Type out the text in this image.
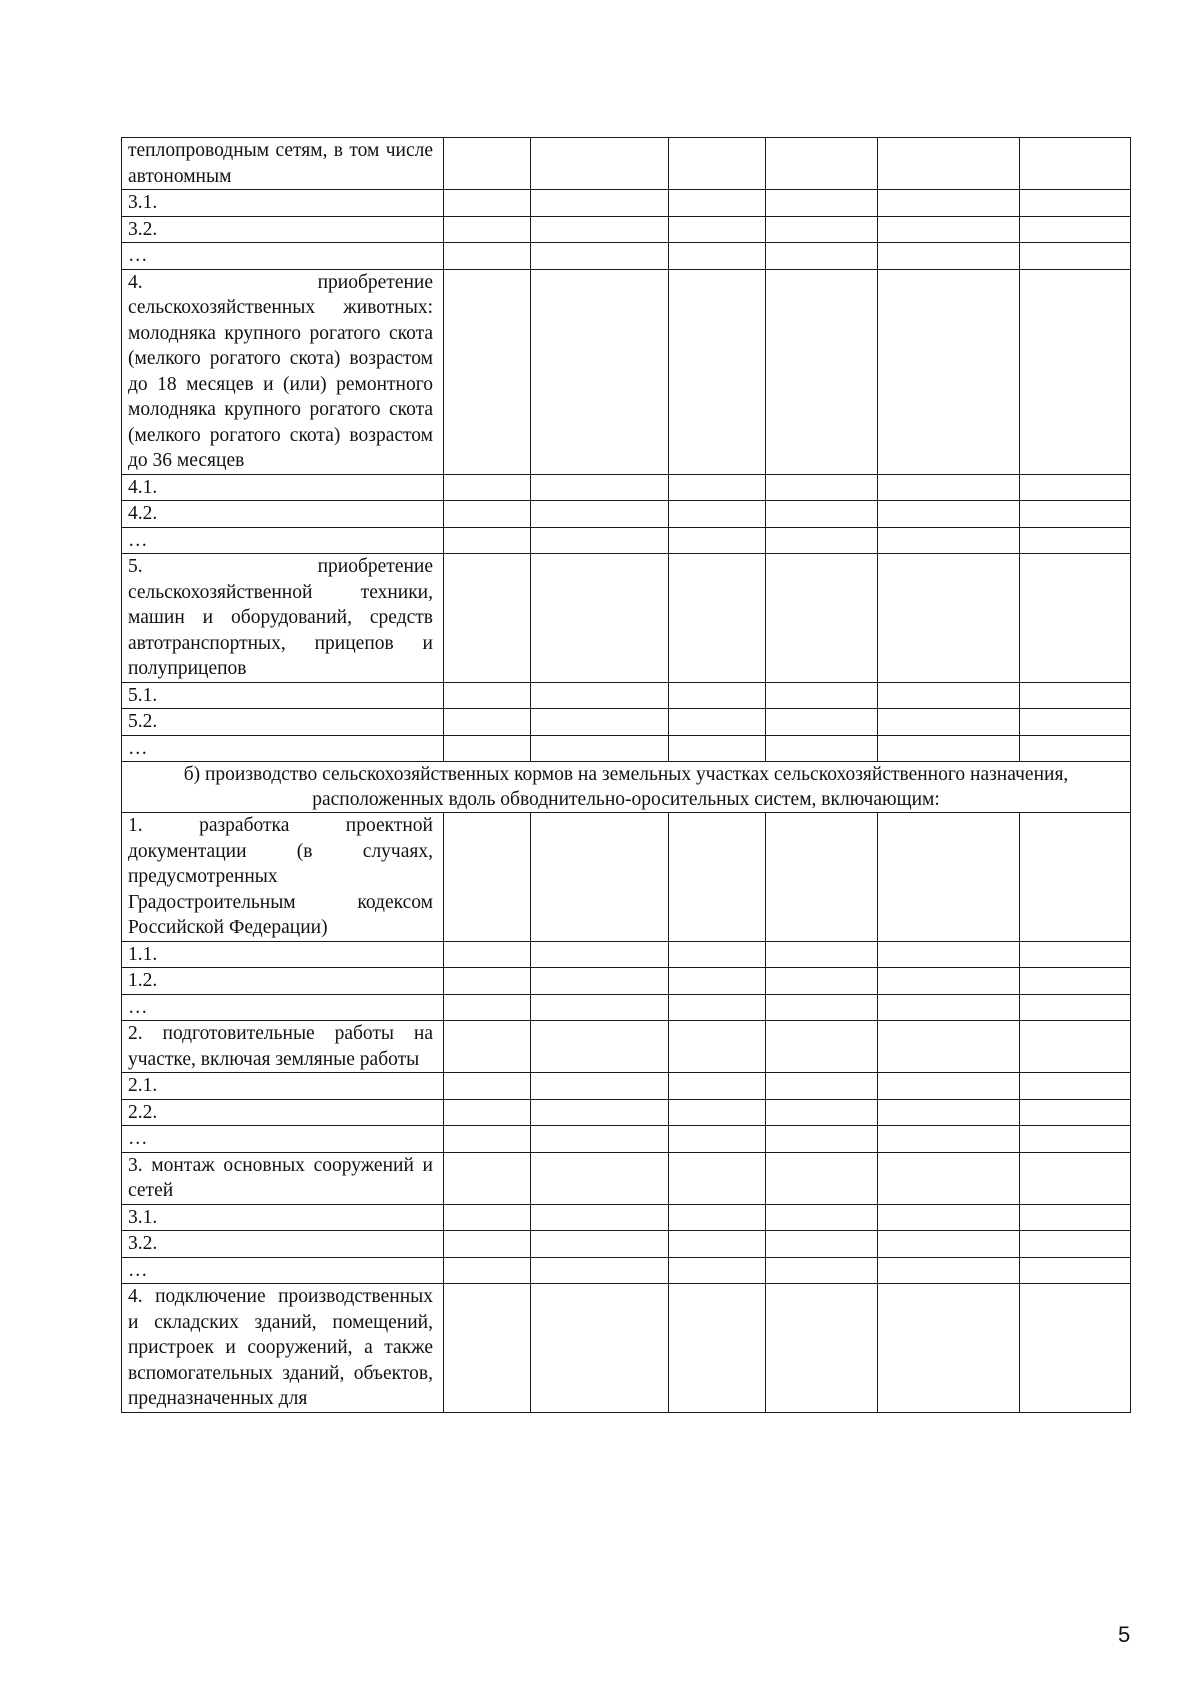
теплопроводным сетям, в том числе автономным						
3.1.						
3.2.						
…						
4. приобретение сельскохозяйственных животных: молодняка крупного рогатого скота (мелкого рогатого скота) возрастом до 18 месяцев и (или) ремонтного молодняка крупного рогатого скота (мелкого рогатого скота) возрастом до 36 месяцев						
4.1.						
4.2.						
…						
5. приобретение сельскохозяйственной техники, машин и оборудований, средств автотранспортных, прицепов и полуприцепов						
5.1.						
5.2.						
…						
б) производство сельскохозяйственных кормов на земельных участках сельскохозяйственного назначения, расположенных вдоль обводнительно-оросительных систем, включающим:						
1. разработка проектной документации (в случаях, предусмотренных Градостроительным кодексом Российской Федерации)						
1.1.						
1.2.						
…						
2. подготовительные работы на участке, включая земляные работы						
2.1.						
2.2.						
…						
3. монтаж основных сооружений и сетей						
3.1.						
3.2.						
…						
4. подключение производственных и складских зданий, помещений, пристроек и сооружений, а также вспомогательных зданий, объектов, предназначенных для						
5
